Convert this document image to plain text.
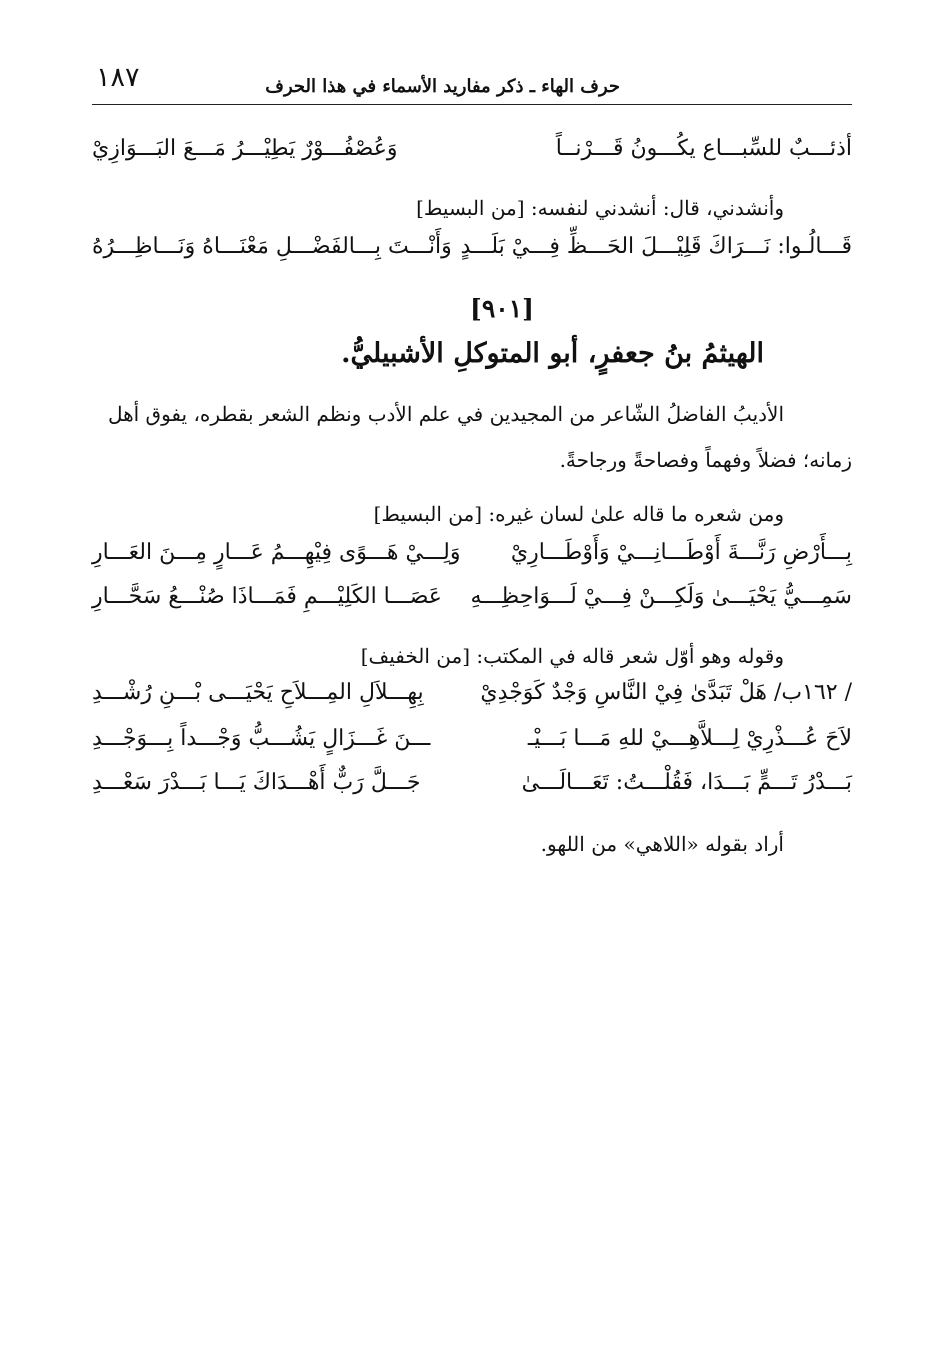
١٨٧	حرف الهاء ـ ذكر مفاريد الأسماء في هذا الحرف
أذئـــبٌ للسِّبـــاع يكُـــونُ قَـــرْنــاً
وَعُصْفُـــوْرٌ يَطِيْـــرُ مَـــعَ البَـــوَازِيْ
وأنشدني، قال: أنشدني لنفسه: [من البسيط]
قَـــالُـوا: نَـــرَاكَ قَلِيْـــلَ الحَـــظِّ فِـــيْ بَلَـــدٍ
وَأَنْـــتَ بِـــالفَضْـــلِ مَعْنَـــاهُ وَنَـــاظِـــرُهُ
[٩٠١]
الهيثمُ بنُ جعفرٍ، أبو المتوكلِ الأشبيليُّ.
الأديبُ الفاضلُ الشّاعر من المجيدين في علم الأدب ونظم الشعر بقطره، يفوق أهل
زمانه؛ فضلاً وفهماً وفصاحةً ورجاحةً.
ومن شعره ما قاله علىٰ لسان غيره: [من البسيط]
بِـــأَرْضِ رَنَّـــةَ أَوْطَـــانِـــيْ وَأَوْطَـــارِيْ
وَلِـــيْ هَـــوًى فِيْهِـــمُ عَـــارٍ مِـــنَ العَـــارِ
سَمِـــيُّ يَحْيَـــىٰ وَلَكِـــنْ فِـــيْ لَـــوَاحِظِـــهِ
عَصَـــا الكَلِيْـــمِ فَمَـــاذَا صُنْـــعُ سَحَّـــارِ
وقوله وهو أوّل شعر قاله في المكتب: [من الخفيف]
/ ١٦٢ب/ هَلْ تَبَدَّىٰ فِيْ النَّاسِ وَجْدٌ كَوَجْدِيْ
بِهِـــلاَلِ المِـــلاَحِ يَحْيَـــى بْـــنِ رُشْـــدِ
لاَحَ عُـــذْرِيْ لِـــلاَّهِـــيْ للهِ مَـــا بَـــيْـ
ـــنَ غَـــزَالٍ يَشُـــبُّ وَجْـــداً بِـــوَجْـــدِ
بَـــدْرُ تَـــمٍّ بَـــدَا، فَقُلْـــتُ: تَعَـــالَـــىٰ
جَـــلَّ رَبٌّ أَهْـــدَاكَ يَـــا بَـــدْرَ سَعْـــدِ
أراد بقوله «اللاهي» من اللهو.
